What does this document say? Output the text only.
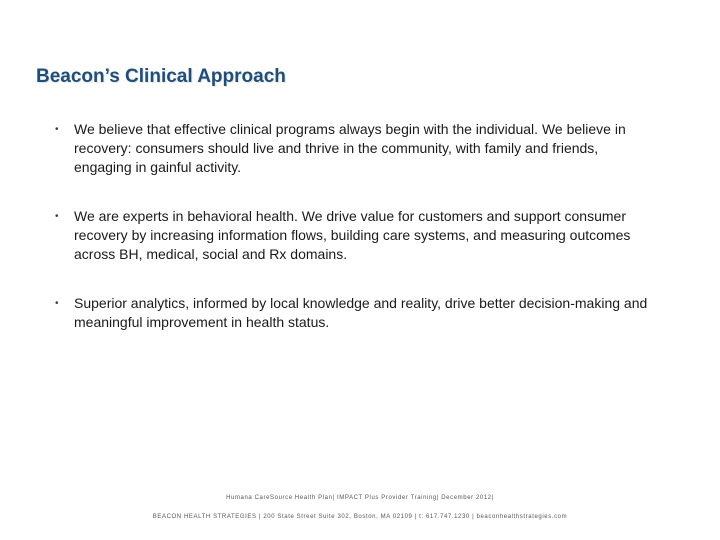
Beacon’s Clinical Approach
• We believe that effective clinical programs always begin with the individual. We believe in recovery: consumers should live and thrive in the community, with family and friends, engaging in gainful activity.
• We are experts in behavioral health. We drive value for customers and support consumer recovery by increasing information flows, building care systems, and measuring outcomes across BH, medical, social and Rx domains.
• Superior analytics, informed by local knowledge and reality, drive better decision-making and meaningful improvement in health status.
Humana CareSource Health Plan| IMPACT Plus Provider Training| December 2012|
BEACON HEALTH STRATEGIES | 200 State Street Suite 302, Boston, MA 02109 | t: 617.747.1230 | beaconhealthstrategies.com
